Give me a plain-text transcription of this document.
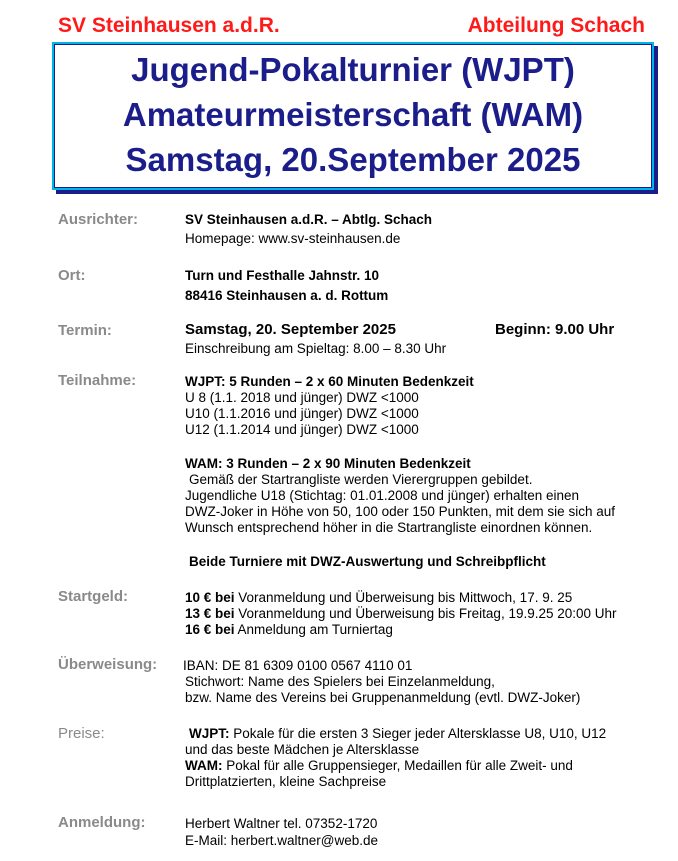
SV Steinhausen a.d.R.	Abteilung Schach
Jugend-Pokalturnier (WJPT)
Amateurmeisterschaft (WAM)
Samstag, 20.September 2025
Ausrichter:	SV Steinhausen a.d.R. – Abtlg. Schach
Homepage: www.sv-steinhausen.de
Ort:	Turn und Festhalle Jahnstr. 10
88416 Steinhausen a. d. Rottum
Termin:	Samstag, 20. September 2025	Beginn: 9.00 Uhr
Einschreibung am Spieltag: 8.00 – 8.30 Uhr
Teilnahme:	WJPT: 5 Runden – 2 x 60 Minuten Bedenkzeit
U 8 (1.1. 2018 und jünger) DWZ <1000
U10 (1.1.2016 und jünger) DWZ <1000
U12 (1.1.2014 und jünger) DWZ <1000
WAM: 3 Runden – 2 x 90 Minuten Bedenkzeit
Gemäß der Startrangliste werden Vierergruppen gebildet.
Jugendliche U18 (Stichtag: 01.01.2008 und jünger) erhalten einen
DWZ-Joker in Höhe von 50, 100 oder 150 Punkten, mit dem sie sich auf
Wunsch entsprechend höher in die Startrangliste einordnen können.
Beide Turniere mit DWZ-Auswertung und Schreibpflicht
Startgeld:	10 € bei Voranmeldung und Überweisung bis Mittwoch, 17. 9. 25
13 € bei Voranmeldung und Überweisung bis Freitag, 19.9.25 20:00 Uhr
16 € bei Anmeldung am Turniertag
Überweisung: IBAN: DE 81 6309 0100 0567 4110 01
Stichwort: Name des Spielers bei Einzelanmeldung,
bzw. Name des Vereins bei Gruppenanmeldung (evtl. DWZ-Joker)
Preise:	WJPT: Pokale für die ersten 3 Sieger jeder Altersklasse U8, U10, U12
und das beste Mädchen je Altersklasse
WAM: Pokal für alle Gruppensieger, Medaillen für alle Zweit- und
Drittplatzierten, kleine Sachpreise
Anmeldung:	Herbert Waltner tel. 07352-1720
E-Mail: herbert.waltner@web.de
